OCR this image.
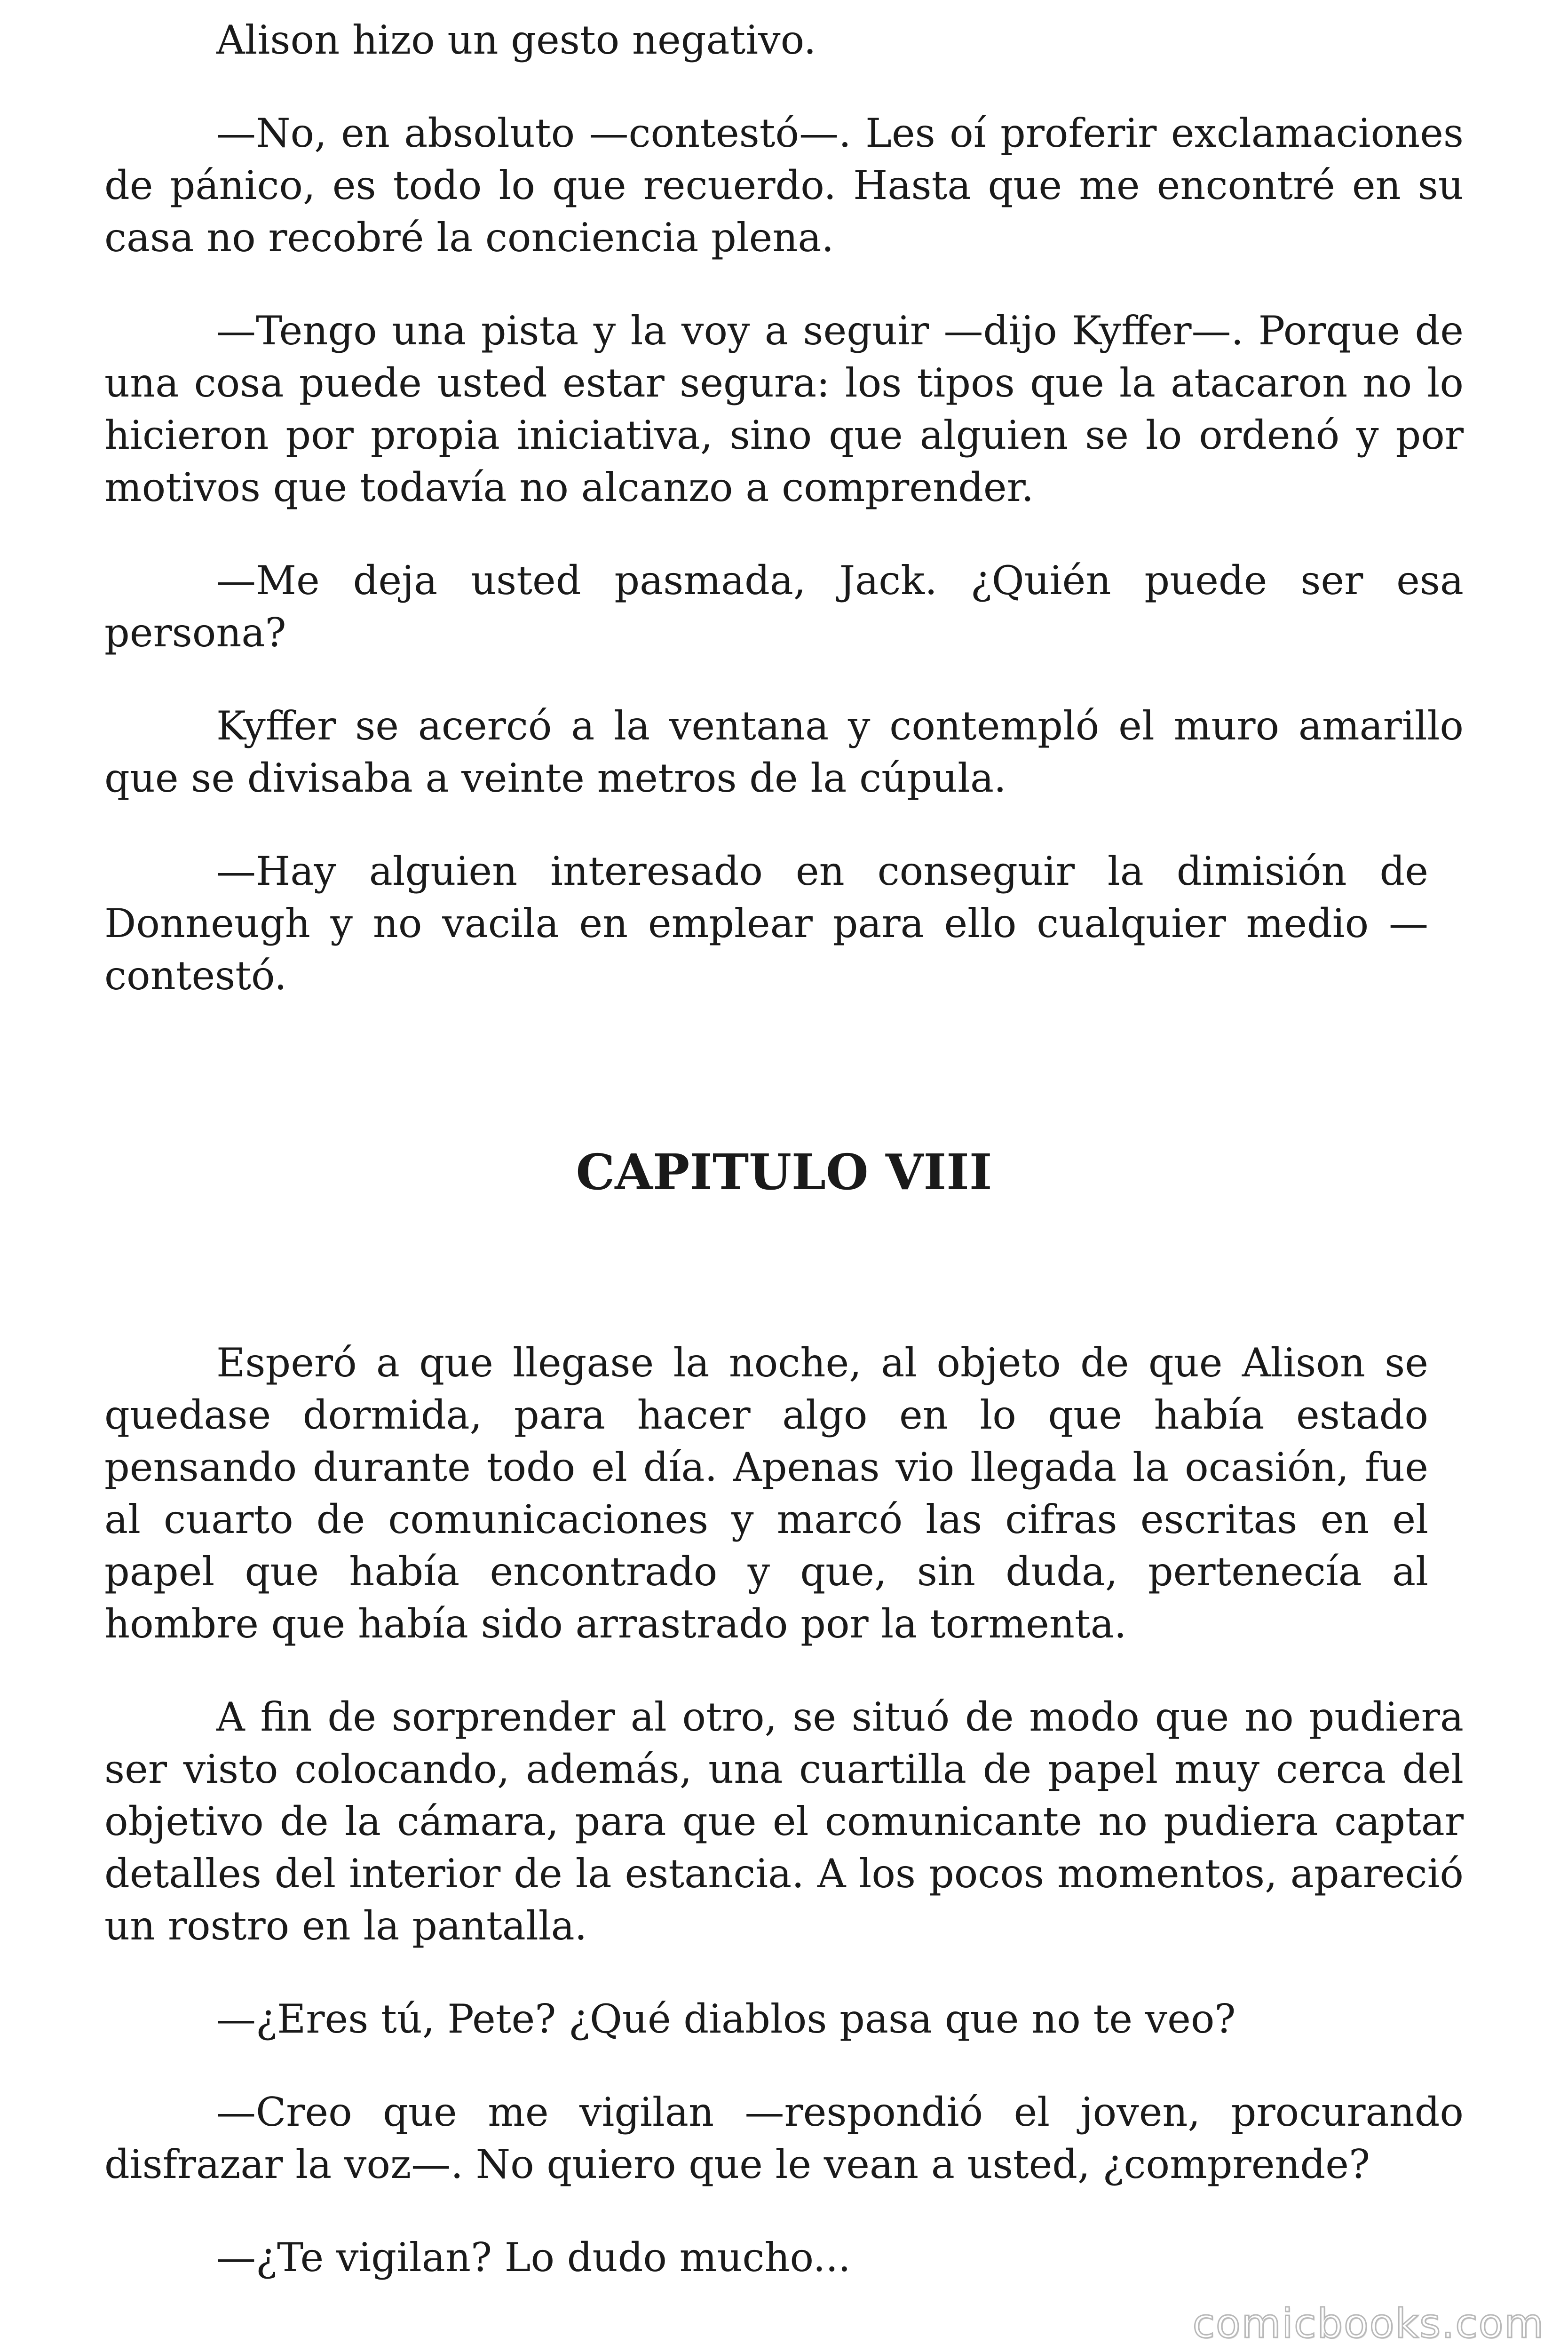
Alison hizo un gesto negativo.

—No, en absoluto —contestó—. Les oí proferir exclamaciones de pánico, es todo lo que recuerdo. Hasta que me encontré en su casa no recobré la conciencia plena.

—Tengo una pista y la voy a seguir —dijo Kyffer—. Porque de una cosa puede usted estar segura: los tipos que la atacaron no lo hicieron por propia iniciativa, sino que alguien se lo ordenó y por motivos que todavía no alcanzo a comprender.

—Me deja usted pasmada, Jack. ¿Quién puede ser esa persona?

Kyffer se acercó a la ventana y contempló el muro amarillo que se divisaba a veinte metros de la cúpula.

—Hay alguien interesado en conseguir la dimisión de Donneugh y no vacila en emplear para ello cualquier medio —contestó.

CAPITULO VIII

Esperó a que llegase la noche, al objeto de que Alison se quedase dormida, para hacer algo en lo que había estado pensando durante todo el día. Apenas vio llegada la ocasión, fue al cuarto de comunicaciones y marcó las cifras escritas en el papel que había encontrado y que, sin duda, pertenecía al hombre que había sido arrastrado por la tormenta.

A fin de sorprender al otro, se situó de modo que no pudiera ser visto colocando, además, una cuartilla de papel muy cerca del objetivo de la cámara, para que el comunicante no pudiera captar detalles del interior de la estancia. A los pocos momentos, apareció un rostro en la pantalla.

—¿Eres tú, Pete? ¿Qué diablos pasa que no te veo?

—Creo que me vigilan —respondió el joven, procurando disfrazar la voz—. No quiero que le vean a usted, ¿comprende?

—¿Te vigilan? Lo dudo mucho...

comicbooks.com
